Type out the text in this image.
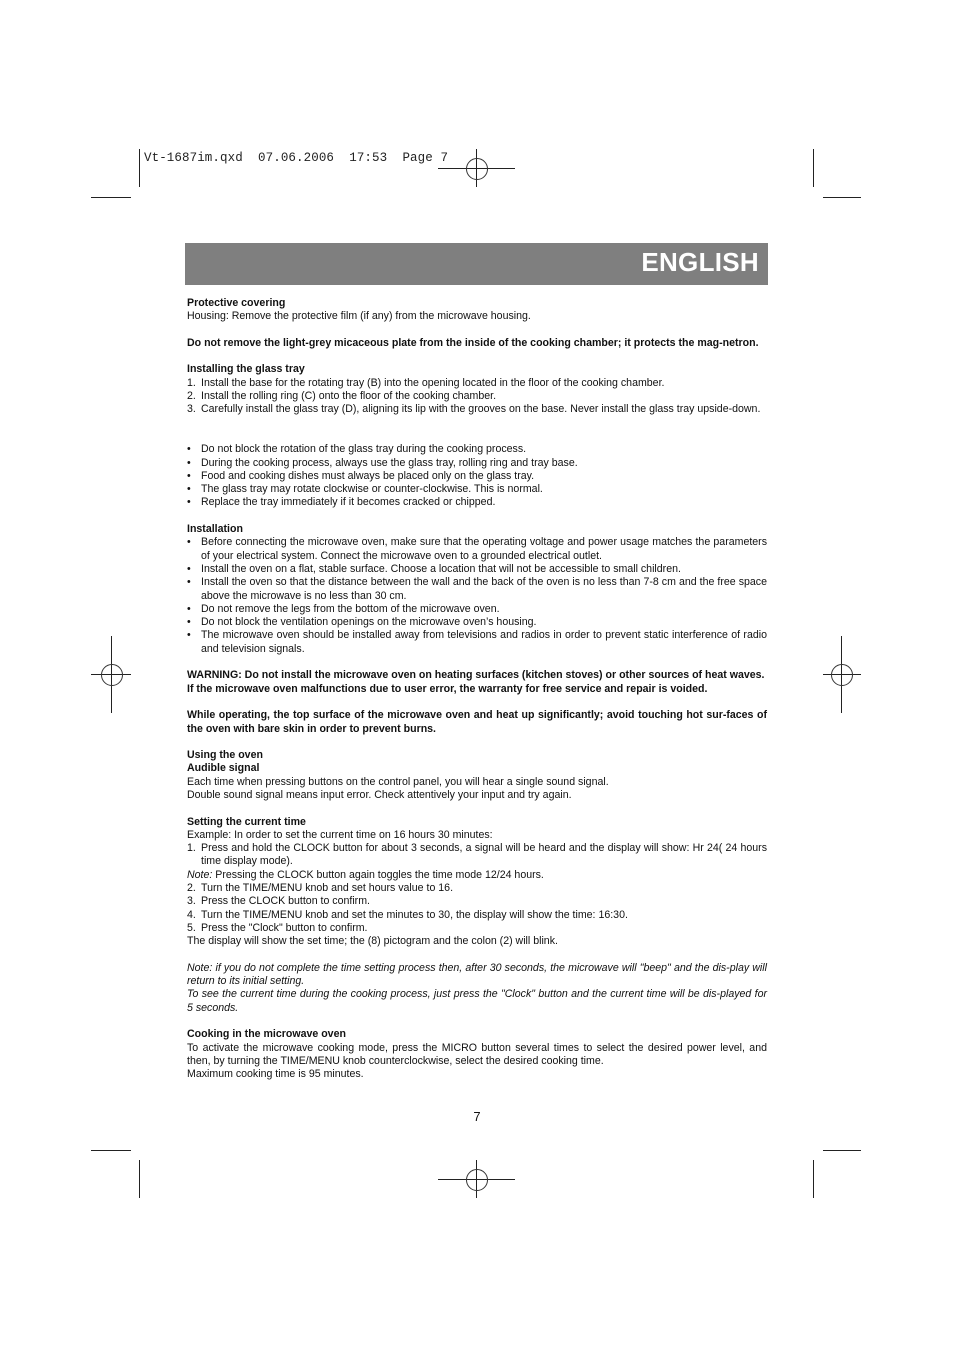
Vt-1687im.qxd  07.06.2006  17:53  Page 7
ENGLISH

Protective covering

Housing: Remove the protective film (if any) from the microwave housing.

Do not remove the light-grey micaceous plate from the inside of the cooking chamber; it protects the mag-netron.

Installing the glass tray

1. Install the base for the rotating tray (B) into the opening located in the floor of the cooking chamber.
2. Install the rolling ring (C) onto the floor of the cooking chamber.
3. Carefully install the glass tray (D), aligning its lip with the grooves on the base. Never install the glass tray upside-down.
• Do not block the rotation of the glass tray during the cooking process.
• During the cooking process, always use the glass tray, rolling ring and tray base.
• Food and cooking dishes must always be placed only on the glass tray.
• The glass tray may rotate clockwise or counter-clockwise. This is normal.
• Replace the tray immediately if it becomes cracked or chipped.

Installation

• Before connecting the microwave oven, make sure that the operating voltage and power usage matches the parameters of your electrical system. Connect the microwave oven to a grounded electrical outlet.
• Install the oven on a flat, stable surface. Choose a location that will not be accessible to small children.
• Install the oven so that the distance between the wall and the back of the oven is no less than 7-8 cm and the free space above the microwave is no less than 30 cm.
• Do not remove the legs from the bottom of the microwave oven.
• Do not block the ventilation openings on the microwave oven’s housing.
• The microwave oven should be installed away from televisions and radios in order to prevent static interference of radio and television signals.

WARNING: Do not install the microwave oven on heating surfaces (kitchen stoves) or other sources of heat waves.

If the microwave oven malfunctions due to user error, the warranty for free service and repair is voided.

While operating, the top surface of the microwave oven and heat up significantly; avoid touching hot sur-faces of the oven with bare skin in order to prevent burns.

Using the oven

Audible signal

Each time when pressing buttons on the control panel, you will hear a single sound signal.

Double sound signal means input error. Check attentively your input and try again.

Setting the current time

Example: In order to set the current time on 16 hours 30 minutes:

1. Press and hold the CLOCK button for about 3 seconds, a signal will be heard and the display will show: Hr 24( 24 hours time display mode).

Note: Pressing the CLOCK button again toggles the time mode 12/24 hours.

2. Turn the TIME/MENU knob and set hours value to 16.
3. Press the CLOCK button to confirm.
4. Turn the TIME/MENU knob and set the minutes to 30, the display will show the time: 16:30.
5. Press the "Clock" button to confirm.

The display will show the set time; the (8) pictogram and the colon (2) will blink.

Note: if you do not complete the time setting process then, after 30 seconds, the microwave will "beep" and the dis-play will return to its initial setting.

To see the current time during the cooking process, just press the "Clock" button and the current time will be dis-played for 5 seconds.

Cooking in the microwave oven

To activate the microwave cooking mode, press the MICRO button several times to select the desired power level, and then, by turning the TIME/MENU knob counterclockwise, select the desired cooking time.

Maximum cooking time is 95 minutes.

7
